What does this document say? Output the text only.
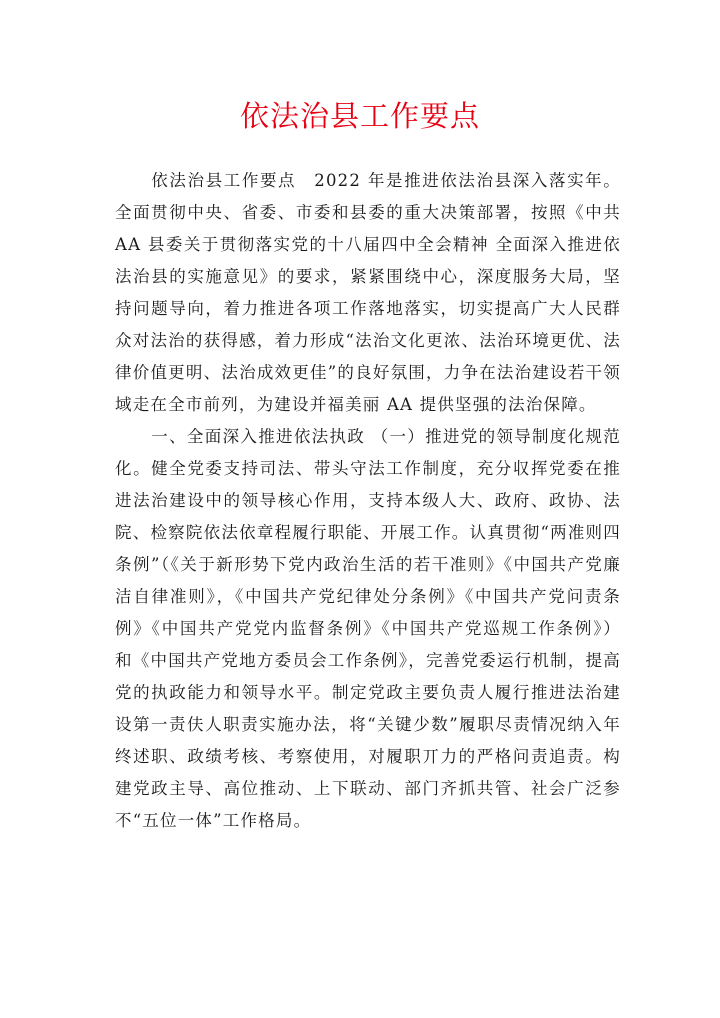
依法治县工作要点

依法治县工作要点　2022 年是推进依法治县深入落实年。全面贯彻中央、省委、市委和县委的重大决策部署，按照《中共 AA 县委关于贯彻落实党的十八届四中全会精神 全面深入推进依法治县的实施意见》的要求，紧紧围绕中心，深度服务大局，坚持问题导向，着力推进各项工作落地落实，切实提高广大人民群众对法治的获得感，着力形成“法治文化更浓、法治环境更优、法律价值更明、法治成效更佳”的良好氛围，力争在法治建设若干领域走在全市前列，为建设并福美丽 AA 提供坚强的法治保障。

一、全面深入推进依法执政 （一）推进党的领导制度化规范化。健全党委支持司法、带头守法工作制度，充分収挥党委在推进法治建设中的领导核心作用，支持本级人大、政府、政协、法院、检察院依法依章程履行职能、开展工作。认真贯彻“两准则四条例”（《关于新形势下党内政治生活的若干准则》《中国共产党廉洁自律准则》，《中国共产党纪律处分条例》《中国共产党问责条例》《中国共产党党内监督条例》《中国共产党巡规工作条例》）和《中国共产党地方委员会工作条例》，完善党委运行机制，提高党的执政能力和领导水平。制定党政主要负责人履行推进法治建设第一责伕人职责实施办法，将“关键少数”履职尽责情况纳入年终述职、政绩考核、考察使用，对履职丌力的严格问责追责。构建党政主导、高位推动、上下联动、部门齐抓共管、社会广泛参不“五位一体”工作格局。
